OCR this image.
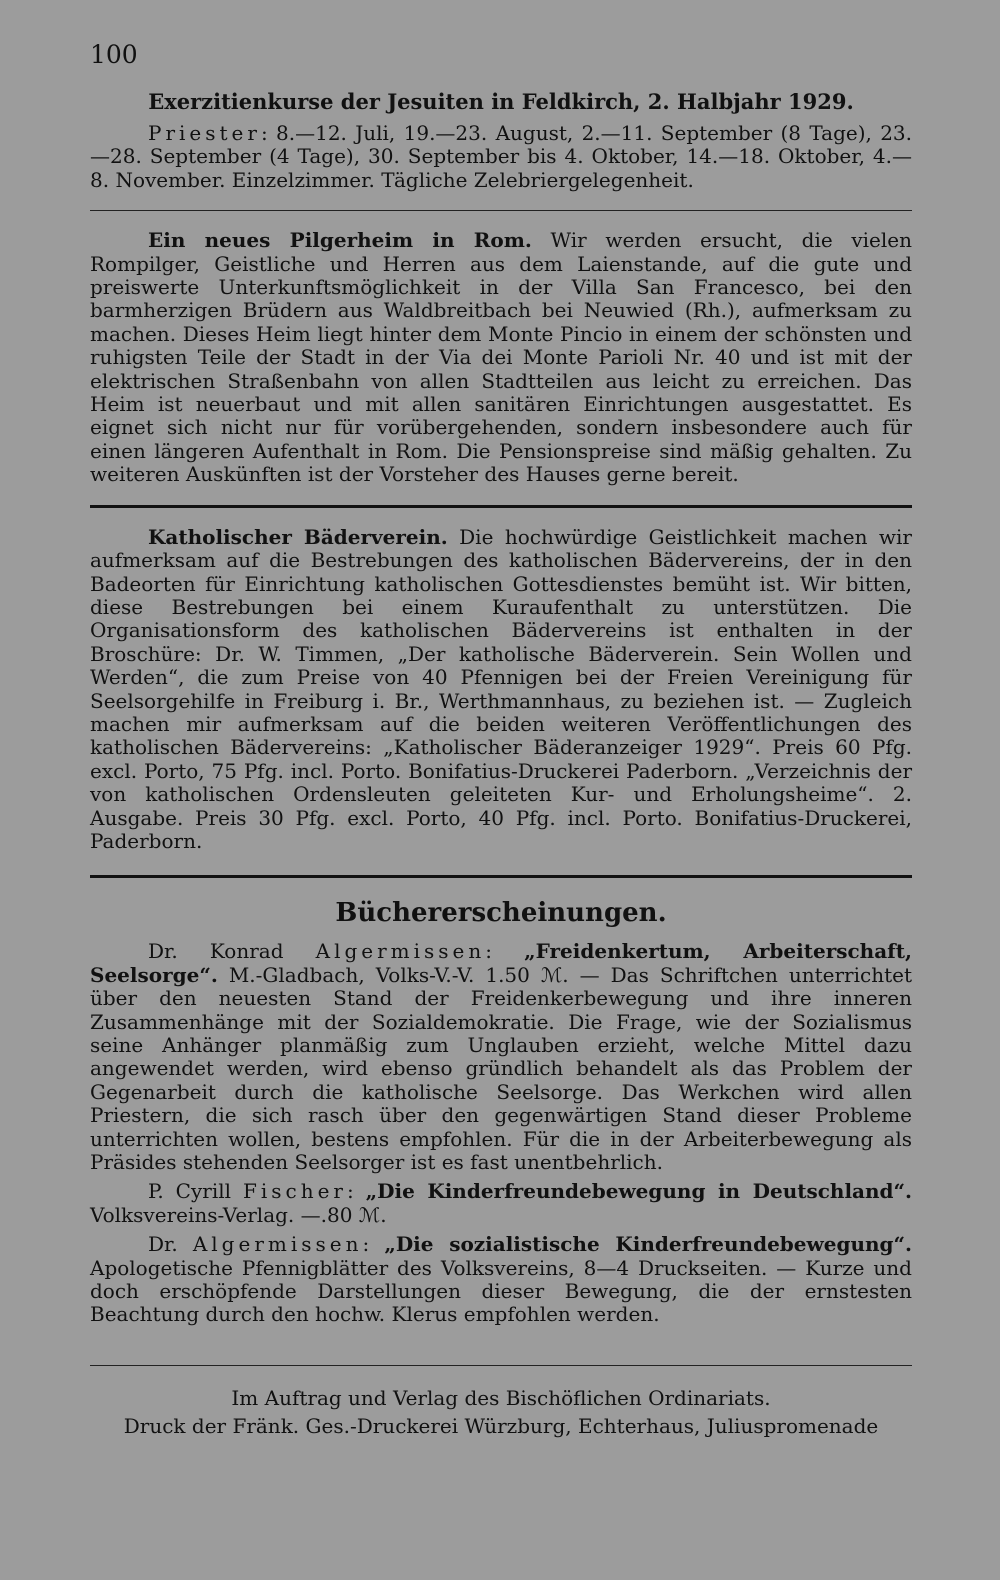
100
Exerzitienkurse der Jesuiten in Feldkirch, 2. Halbjahr 1929.

Priester: 8.—12. Juli, 19.—23. August, 2.—11. September (8 Tage), 23.—28. September (4 Tage), 30. September bis 4. Oktober, 14.—18. Oktober, 4.—8. November. Einzelzimmer. Tägliche Zelebriergelegenheit.

Ein neues Pilgerheim in Rom. Wir werden ersucht, die vielen Rompilger, Geistliche und Herren aus dem Laienstande, auf die gute und preiswerte Unterkunftsmöglichkeit in der Villa San Francesco, bei den barmherzigen Brüdern aus Waldbreitbach bei Neuwied (Rh.), aufmerksam zu machen. Dieses Heim liegt hinter dem Monte Pincio in einem der schönsten und ruhigsten Teile der Stadt in der Via dei Monte Parioli Nr. 40 und ist mit der elektrischen Straßenbahn von allen Stadtteilen aus leicht zu erreichen. Das Heim ist neuerbaut und mit allen sanitären Einrichtungen ausgestattet. Es eignet sich nicht nur für vorübergehenden, sondern insbesondere auch für einen längeren Aufenthalt in Rom. Die Pensionspreise sind mäßig gehalten. Zu weiteren Auskünften ist der Vorsteher des Hauses gerne bereit.

Katholischer Bäderverein. Die hochwürdige Geistlichkeit machen wir aufmerksam auf die Bestrebungen des katholischen Bädervereins, der in den Badeorten für Einrichtung katholischen Gottesdienstes bemüht ist. Wir bitten, diese Bestrebungen bei einem Kuraufenthalt zu unterstützen. Die Organisationsform des katholischen Bädervereins ist enthalten in der Broschüre: Dr. W. Timmen, „Der katholische Bäderverein. Sein Wollen und Werden“, die zum Preise von 40 Pfennigen bei der Freien Vereinigung für Seelsorgehilfe in Freiburg i. Br., Werthmannhaus, zu beziehen ist. — Zugleich machen mir aufmerksam auf die beiden weiteren Veröffentlichungen des katholischen Bädervereins: „Katholischer Bäderanzeiger 1929“. Preis 60 Pfg. excl. Porto, 75 Pfg. incl. Porto. Bonifatius-Druckerei Paderborn. „Verzeichnis der von katholischen Ordensleuten geleiteten Kur- und Erholungsheime“. 2. Ausgabe. Preis 30 Pfg. excl. Porto, 40 Pfg. incl. Porto. Bonifatius-Druckerei, Paderborn.

Büchererscheinungen.

Dr. Konrad Algermissen: „Freidenkertum, Arbeiterschaft, Seelsorge“. M.-Gladbach, Volks-V.-V. 1.50 ℳ. — Das Schriftchen unterrichtet über den neuesten Stand der Freidenkerbewegung und ihre inneren Zusammenhänge mit der Sozialdemokratie. Die Frage, wie der Sozialismus seine Anhänger planmäßig zum Unglauben erzieht, welche Mittel dazu angewendet werden, wird ebenso gründlich behandelt als das Problem der Gegenarbeit durch die katholische Seelsorge. Das Werkchen wird allen Priestern, die sich rasch über den gegenwärtigen Stand dieser Probleme unterrichten wollen, bestens empfohlen. Für die in der Arbeiterbewegung als Präsides stehenden Seelsorger ist es fast unentbehrlich.

P. Cyrill Fischer: „Die Kinderfreundebewegung in Deutschland“. Volksvereins-Verlag. —.80 ℳ.

Dr. Algermissen: „Die sozialistische Kinderfreundebewegung“. Apologetische Pfennigblätter des Volksvereins, 8—4 Druckseiten. — Kurze und doch erschöpfende Darstellungen dieser Bewegung, die der ernstesten Beachtung durch den hochw. Klerus empfohlen werden.

Im Auftrag und Verlag des Bischöflichen Ordinariats.

Druck der Fränk. Ges.-Druckerei Würzburg, Echterhaus, Juliuspromenade
